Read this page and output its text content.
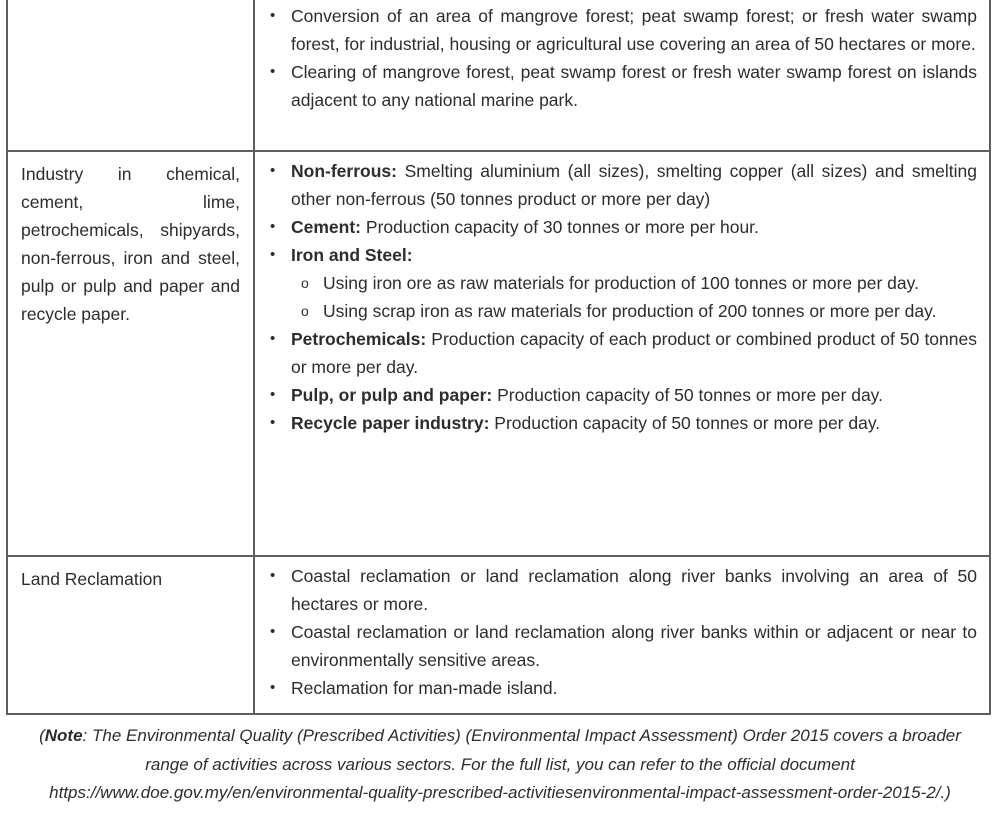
• Conversion of an area of mangrove forest; peat swamp forest; or fresh water swamp forest, for industrial, housing or agricultural use covering an area of 50 hectares or more.
• Clearing of mangrove forest, peat swamp forest or fresh water swamp forest on islands adjacent to any national marine park.
Industry in chemical, cement, lime, petrochemicals, shipyards, non-ferrous, iron and steel, pulp or pulp and paper and recycle paper.
• Non-ferrous: Smelting aluminium (all sizes), smelting copper (all sizes) and smelting other non-ferrous (50 tonnes product or more per day)
• Cement: Production capacity of 30 tonnes or more per hour.
• Iron and Steel:
o Using iron ore as raw materials for production of 100 tonnes or more per day.
o Using scrap iron as raw materials for production of 200 tonnes or more per day.
• Petrochemicals: Production capacity of each product or combined product of 50 tonnes or more per day.
• Pulp, or pulp and paper: Production capacity of 50 tonnes or more per day.
• Recycle paper industry: Production capacity of 50 tonnes or more per day.
Land Reclamation	• Coastal reclamation or land reclamation along river banks involving an area of 50 hectares or more.
• Coastal reclamation or land reclamation along river banks within or adjacent or near to environmentally sensitive areas.
• Reclamation for man-made island.
(Note: The Environmental Quality (Prescribed Activities) (Environmental Impact Assessment) Order 2015 covers a broader range of activities across various sectors. For the full list, you can refer to the official document https://www.doe.gov.my/en/environmental-quality-prescribed-activitiesenvironmental-impact-assessment-order-2015-2/.)
